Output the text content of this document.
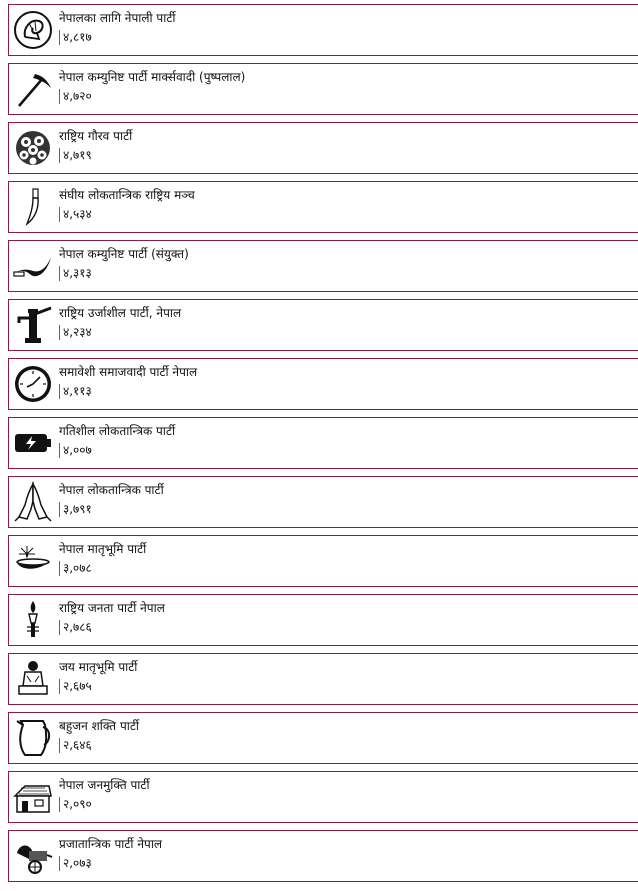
नेपालका लागि नेपाली पार्टी
४,८१७
नेपाल कम्युनिष्ट पार्टी मार्क्सवादी (पुष्पलाल)
४,७२०
राष्ट्रिय गौरव पार्टी
४,७१९
संघीय लोकतान्त्रिक राष्ट्रिय मञ्च
४,५३४
नेपाल कम्युनिष्ट पार्टी (संयुक्त)
४,३१३
राष्ट्रिय उर्जाशील पार्टी, नेपाल
४,२३४
समावेशी समाजवादी पार्टी नेपाल
४,११३
गतिशील लोकतान्त्रिक पार्टी
४,००७
नेपाल लोकतान्त्रिक पार्टी
३,७९१
नेपाल मातृभूमि पार्टी
३,०७८
राष्ट्रिय जनता पार्टी नेपाल
२,७८६
जय मातृभूमि पार्टी
२,६७५
बहुजन शक्ति पार्टी
२,६४६
नेपाल जनमुक्ति पार्टी
२,०९०
प्रजातान्त्रिक पार्टी नेपाल
२,०७३
